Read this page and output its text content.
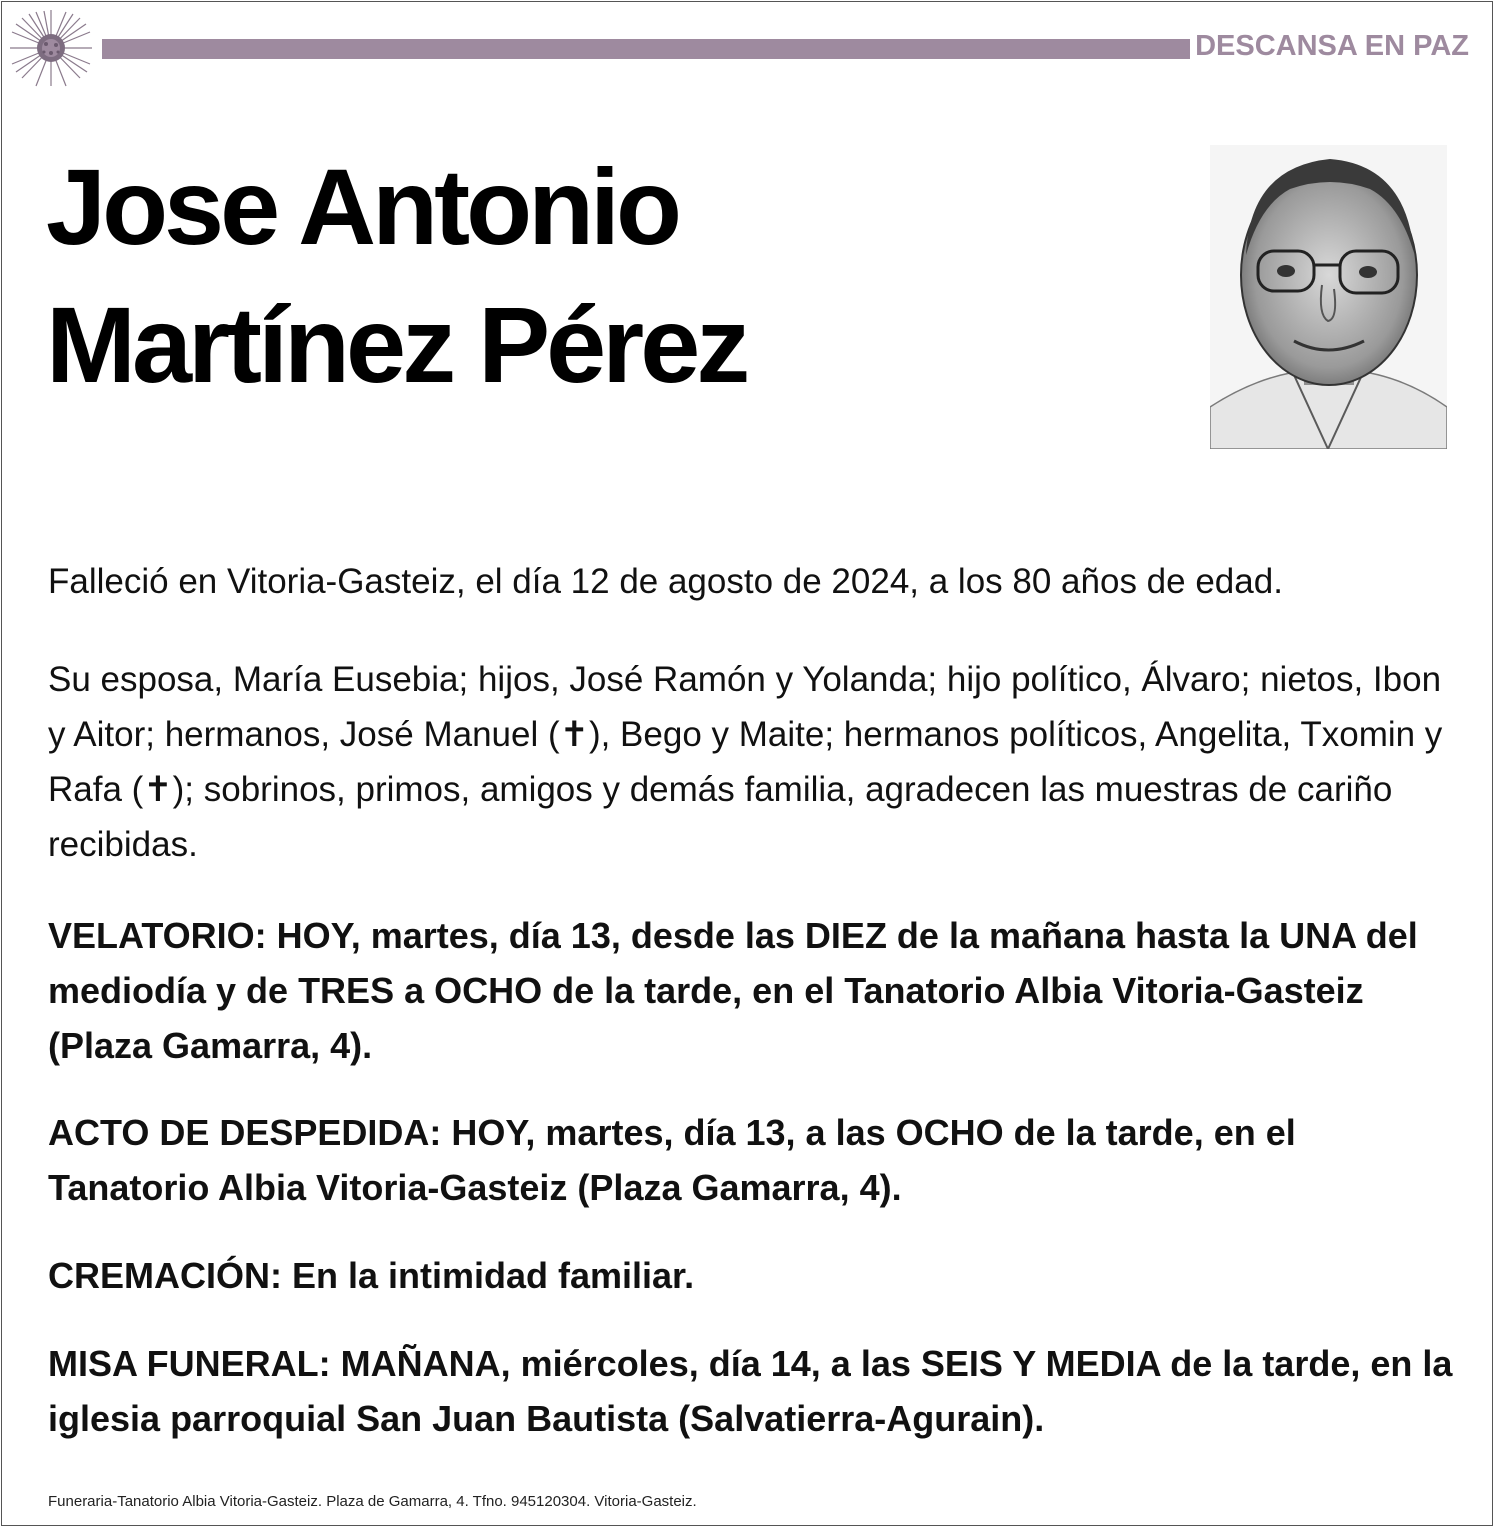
DESCANSA EN PAZ
Jose Antonio
Martínez Pérez

Falleció en Vitoria-Gasteiz, el día 12 de agosto de 2024, a los 80 años de edad.

Su esposa, María Eusebia; hijos, José Ramón y Yolanda; hijo político, Álvaro; nietos, Ibon y Aitor; hermanos, José Manuel (✝), Bego y Maite; hermanos políticos, Angelita, Txomin y Rafa (✝); sobrinos, primos, amigos y demás familia, agradecen las muestras de cariño recibidas.

VELATORIO: HOY, martes, día 13, desde las DIEZ de la mañana hasta la UNA del mediodía y de TRES a OCHO de la tarde, en el Tanatorio Albia Vitoria-Gasteiz (Plaza Gamarra, 4).

ACTO DE DESPEDIDA: HOY, martes, día 13, a las OCHO de la tarde, en el Tanatorio Albia Vitoria-Gasteiz (Plaza Gamarra, 4).

CREMACIÓN: En la intimidad familiar.

MISA FUNERAL: MAÑANA, miércoles, día 14, a las SEIS Y MEDIA de la tarde, en la iglesia parroquial San Juan Bautista (Salvatierra-Agurain).

Funeraria-Tanatorio Albia Vitoria-Gasteiz. Plaza de Gamarra, 4. Tfno. 945120304. Vitoria-Gasteiz.
